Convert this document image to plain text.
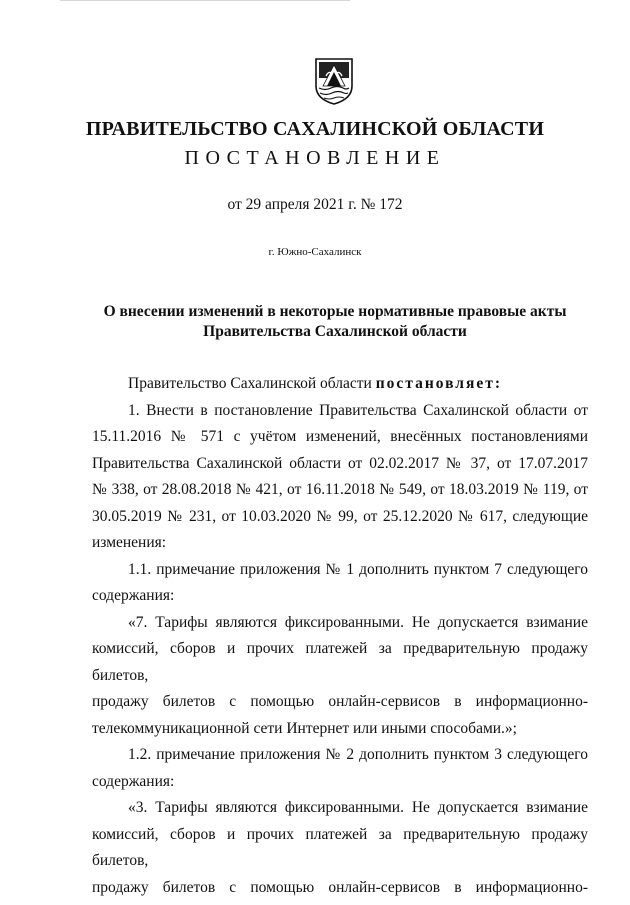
ПРАВИТЕЛЬСТВО САХАЛИНСКОЙ ОБЛАСТИ
ПОСТАНОВЛЕНИЕ
от 29 апреля 2021 г. № 172
г. Южно-Сахалинск
О внесении изменений в некоторые нормативные правовые акты
Правительства Сахалинской области

Правительство Сахалинской области постановляет:

1. Внести в постановление Правительства Сахалинской области от

15.11.2016 № 571 с учётом изменений, внесённых постановлениями

Правительства Сахалинской области от 02.02.2017 № 37, от 17.07.2017

№ 338, от 28.08.2018 № 421, от 16.11.2018 № 549, от 18.03.2019 № 119, от

30.05.2019 № 231, от 10.03.2020 № 99, от 25.12.2020 № 617, следующие

изменения:

1.1. примечание приложения № 1 дополнить пунктом 7 следующего

содержания:

«7. Тарифы являются фиксированными. Не допускается взимание

комиссий, сборов и прочих платежей за предварительную продажу билетов,

продажу билетов с помощью онлайн-сервисов в информационно-

телекоммуникационной сети Интернет или иными способами.»;

1.2. примечание приложения № 2 дополнить пунктом 3 следующего

содержания:

«3. Тарифы являются фиксированными. Не допускается взимание

комиссий, сборов и прочих платежей за предварительную продажу билетов,

продажу билетов с помощью онлайн-сервисов в информационно-
